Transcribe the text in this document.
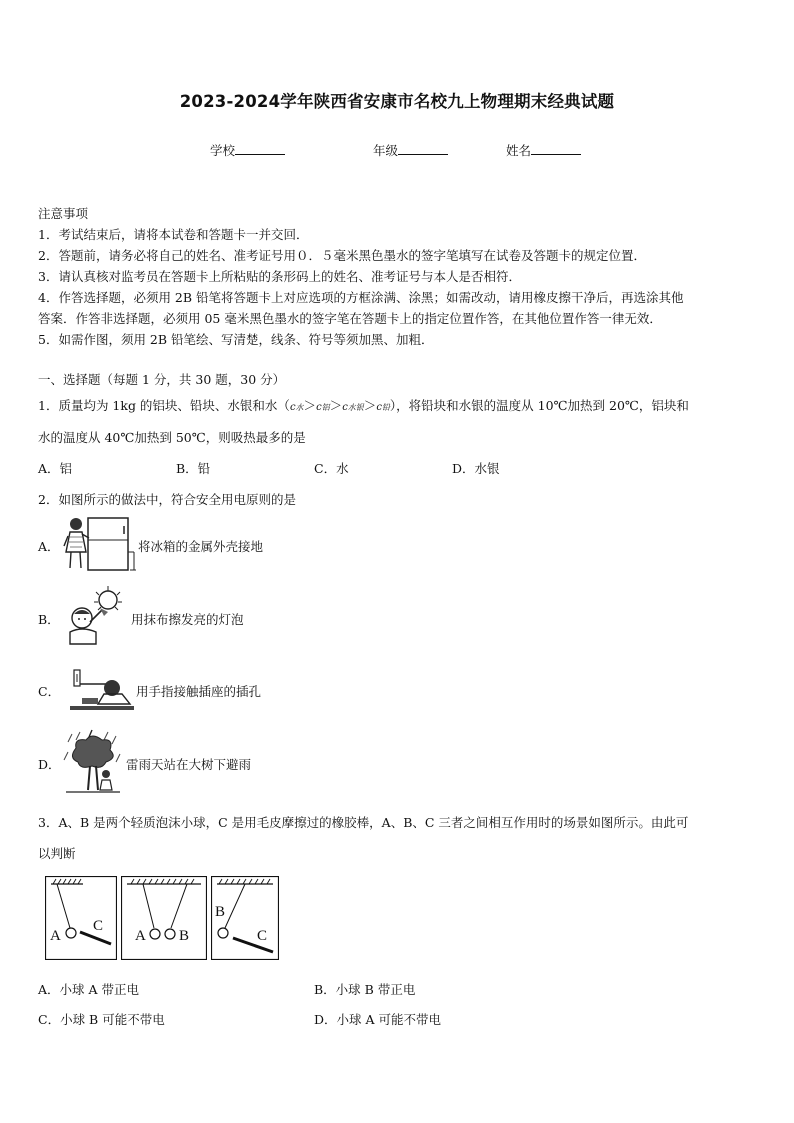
2023-2024学年陕西省安康市名校九上物理期末经典试题
学校	年级	姓名
注意事项
1．考试结束后，请将本试卷和答题卡一并交回．
2．答题前，请务必将自己的姓名、准考证号用０．５毫米黑色墨水的签字笔填写在试卷及答题卡的规定位置．
3．请认真核对监考员在答题卡上所粘贴的条形码上的姓名、准考证号与本人是否相符．
4．作答选择题，必须用 2B 铅笔将答题卡上对应选项的方框涂满、涂黑；如需改动，请用橡皮擦干净后，再选涂其他
答案．作答非选择题，必须用 05 毫米黑色墨水的签字笔在答题卡上的指定位置作答，在其他位置作答一律无效．
5．如需作图，须用 2B 铅笔绘、写清楚，线条、符号等须加黑、加粗．
一、选择题（每题 1 分，共 30 题，30 分）
1．质量均为 1kg 的铝块、铅块、水银和水（c水＞c铝＞c水银＞c铅），将铅块和水银的温度从 10℃加热到 20℃，铝块和
水的温度从 40℃加热到 50℃，则吸热最多的是
A．铝	B．铅	C．水	D．水银
2．如图所示的做法中，符合安全用电原则的是
A．	将冰箱的金属外壳接地
B．	用抹布擦发亮的灯泡
C．	用手指接触插座的插孔
D．	雷雨天站在大树下避雨
3．A、B 是两个轻质泡沫小球，C 是用毛皮摩擦过的橡胶棒，A、B、C 三者之间相互作用时的场景如图所示。由此可
以判断
A
C
A B
B
C
A．小球 A 带正电	B．小球 B 带正电
C．小球 B 可能不带电	D．小球 A 可能不带电
